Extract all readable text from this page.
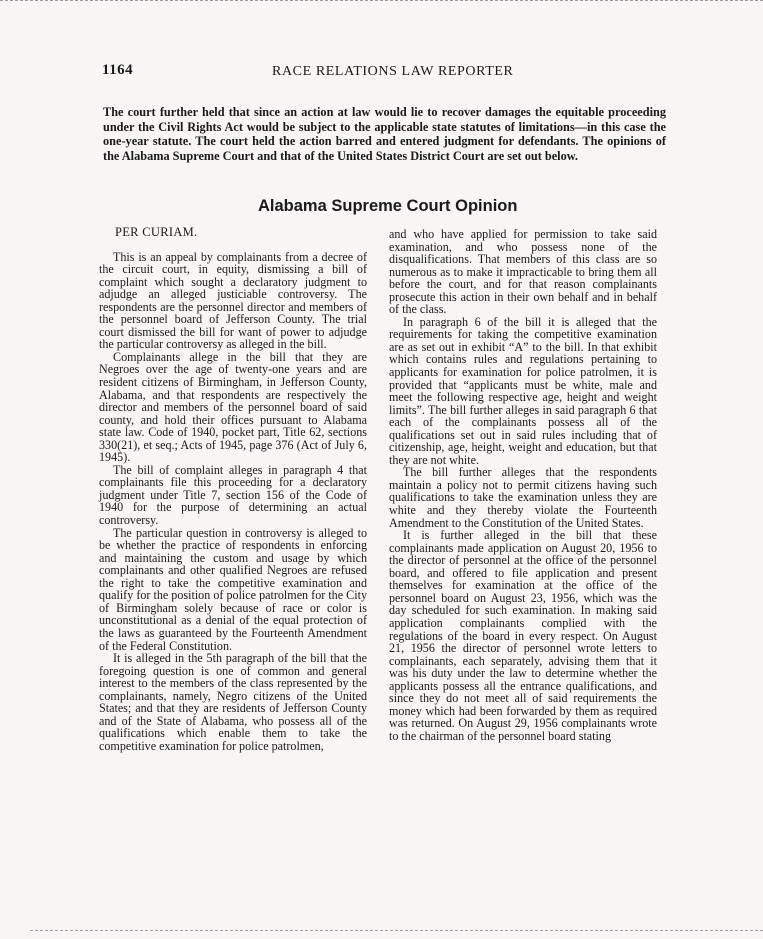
1164	RACE RELATIONS LAW REPORTER

The court further held that since an action at law would lie to recover damages the equitable proceeding under the Civil Rights Act would be subject to the applicable state statutes of limitations—in this case the one-year statute. The court held the action barred and entered judgment for defendants. The opinions of the Alabama Supreme Court and that of the United States District Court are set out below.

Alabama Supreme Court Opinion

PER CURIAM.

This is an appeal by complainants from a decree of the circuit court, in equity, dismissing a bill of complaint which sought a declaratory judgment to adjudge an alleged justiciable controversy. The respondents are the personnel director and members of the personnel board of Jefferson County. The trial court dismissed the bill for want of power to adjudge the particular controversy as alleged in the bill.

Complainants allege in the bill that they are Negroes over the age of twenty-one years and are resident citizens of Birmingham, in Jefferson County, Alabama, and that respondents are respectively the director and members of the personnel board of said county, and hold their offices pursuant to Alabama state law. Code of 1940, pocket part, Title 62, sections 330(21), et seq.; Acts of 1945, page 376 (Act of July 6, 1945).

The bill of complaint alleges in paragraph 4 that complainants file this proceeding for a declaratory judgment under Title 7, section 156 of the Code of 1940 for the purpose of determining an actual controversy.

The particular question in controversy is alleged to be whether the practice of respondents in enforcing and maintaining the custom and usage by which complainants and other qualified Negroes are refused the right to take the competitive examination and qualify for the position of police patrolmen for the City of Birmingham solely because of race or color is unconstitutional as a denial of the equal protection of the laws as guaranteed by the Fourteenth Amendment of the Federal Constitution.

It is alleged in the 5th paragraph of the bill that the foregoing question is one of common and general interest to the members of the class represented by the complainants, namely, Negro citizens of the United States; and that they are residents of Jefferson County and of the State of Alabama, who possess all of the qualifications which enable them to take the competitive examination for police patrolmen,

and who have applied for permission to take said examination, and who possess none of the disqualifications. That members of this class are so numerous as to make it impracticable to bring them all before the court, and for that reason complainants prosecute this action in their own behalf and in behalf of the class.

In paragraph 6 of the bill it is alleged that the requirements for taking the competitive examination are as set out in exhibit “A” to the bill. In that exhibit which contains rules and regulations pertaining to applicants for examination for police patrolmen, it is provided that “applicants must be white, male and meet the following respective age, height and weight limits”. The bill further alleges in said paragraph 6 that each of the complainants possess all of the qualifications set out in said rules including that of citizenship, age, height, weight and education, but that they are not white.

The bill further alleges that the respondents maintain a policy not to permit citizens having such qualifications to take the examination unless they are white and they thereby violate the Fourteenth Amendment to the Constitution of the United States.

It is further alleged in the bill that these complainants made application on August 20, 1956 to the director of personnel at the office of the personnel board, and offered to file application and present themselves for examination at the office of the personnel board on August 23, 1956, which was the day scheduled for such examination. In making said application complainants complied with the regulations of the board in every respect. On August 21, 1956 the director of personnel wrote letters to complainants, each separately, advising them that it was his duty under the law to determine whether the applicants possess all the entrance qualifications, and since they do not meet all of said requirements the money which had been forwarded by them as required was returned. On August 29, 1956 complainants wrote to the chairman of the personnel board stating
